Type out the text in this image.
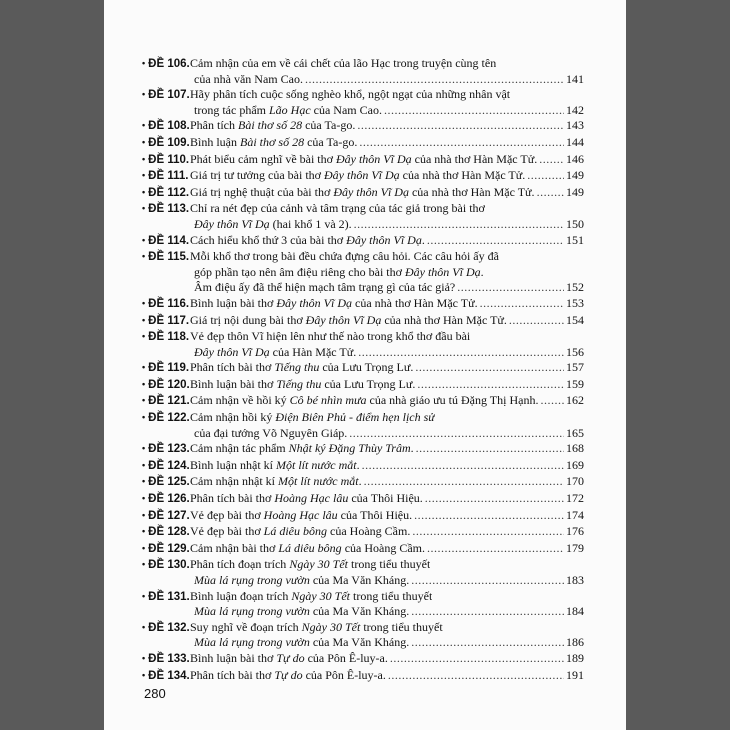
• ĐỀ 106. Cảm nhận của em về cái chết của lão Hạc trong truyện cùng tên
của nhà văn Nam Cao. .....	141
• ĐỀ 107. Hãy phân tích cuộc sống nghèo khổ, ngột ngạt của những nhân vật
trong tác phẩm Lão Hạc của Nam Cao. .....	142
• ĐỀ 108. Phân tích Bài thơ số 28 của Ta-go. .....	143
• ĐỀ 109. Bình luận Bài thơ số 28 của Ta-go. .....	144
• ĐỀ 110. Phát biểu cảm nghĩ về bài thơ Đây thôn Vĩ Dạ của nhà thơ Hàn Mặc Tử. ..... 146
• ĐỀ 111. Giá trị tư tưởng của bài thơ Đây thôn Vĩ Dạ của nhà thơ Hàn Mặc Tử. .....	149
• ĐỀ 112. Giá trị nghệ thuật của bài thơ Đây thôn Vĩ Dạ của nhà thơ Hàn Mặc Tử. .....	149
• ĐỀ 113. Chỉ ra nét đẹp của cảnh và tâm trạng của tác giả trong bài thơ
Đây thôn Vĩ Dạ (hai khổ 1 và 2). .....	150
• ĐỀ 114. Cách hiểu khổ thứ 3 của bài thơ Đây thôn Vĩ Dạ. .....	151
• ĐỀ 115. Mỗi khổ thơ trong bài đều chứa đựng câu hỏi. Các câu hỏi ấy đã
góp phần tạo nên âm điệu riêng cho bài thơ Đây thôn Vĩ Dạ.
Âm điệu ấy đã thể hiện mạch tâm trạng gì của tác giả? .....	152
• ĐỀ 116. Bình luận bài thơ Đây thôn Vĩ Dạ của nhà thơ Hàn Mặc Tử. .....	153
• ĐỀ 117. Giá trị nội dung bài thơ Đây thôn Vĩ Dạ của nhà thơ Hàn Mặc Tử. .....	154
• ĐỀ 118. Vẻ đẹp thôn Vĩ hiện lên như thế nào trong khổ thơ đầu bài
Đây thôn Vĩ Dạ của Hàn Mặc Tử. .....	156
• ĐỀ 119. Phân tích bài thơ Tiếng thu của Lưu Trọng Lư. .....	157
• ĐỀ 120. Bình luận bài thơ Tiếng thu của Lưu Trọng Lư. .....	159
• ĐỀ 121. Cảm nhận về hồi ký Cô bé nhìn mưa của nhà giáo ưu tú Đặng Thị Hạnh. ..... 162
• ĐỀ 122. Cảm nhận hồi ký Điện Biên Phủ - điểm hẹn lịch sử
của đại tướng Võ Nguyên Giáp. .....	165
• ĐỀ 123. Cảm nhận tác phẩm Nhật ký Đặng Thùy Trâm. .....	168
• ĐỀ 124. Bình luận nhật kí Một lít nước mắt. .....	169
• ĐỀ 125. Cảm nhận nhật kí Một lít nước mắt. .....	170
• ĐỀ 126. Phân tích bài thơ Hoàng Hạc lâu của Thôi Hiệu. .....	172
• ĐỀ 127. Vẻ đẹp bài thơ Hoàng Hạc lâu của Thôi Hiệu. .....	174
• ĐỀ 128. Vẻ đẹp bài thơ Lá diêu bông của Hoàng Cầm. .....	176
• ĐỀ 129. Cảm nhận bài thơ Lá diêu bông của Hoàng Cầm. .....	179
• ĐỀ 130. Phân tích đoạn trích Ngày 30 Tết trong tiểu thuyết
Mùa lá rụng trong vườn của Ma Văn Kháng. .....	183
• ĐỀ 131. Bình luận đoạn trích Ngày 30 Tết trong tiểu thuyết
Mùa lá rụng trong vườn của Ma Văn Kháng. .....	184
• ĐỀ 132. Suy nghĩ về đoạn trích Ngày 30 Tết trong tiểu thuyết
Mùa lá rụng trong vườn của Ma Văn Kháng. .....	186
• ĐỀ 133. Bình luận bài thơ Tự do của Pôn Ê-luy-a. .....	189
• ĐỀ 134. Phân tích bài thơ Tự do của Pôn Ê-luy-a. .....	191
280
